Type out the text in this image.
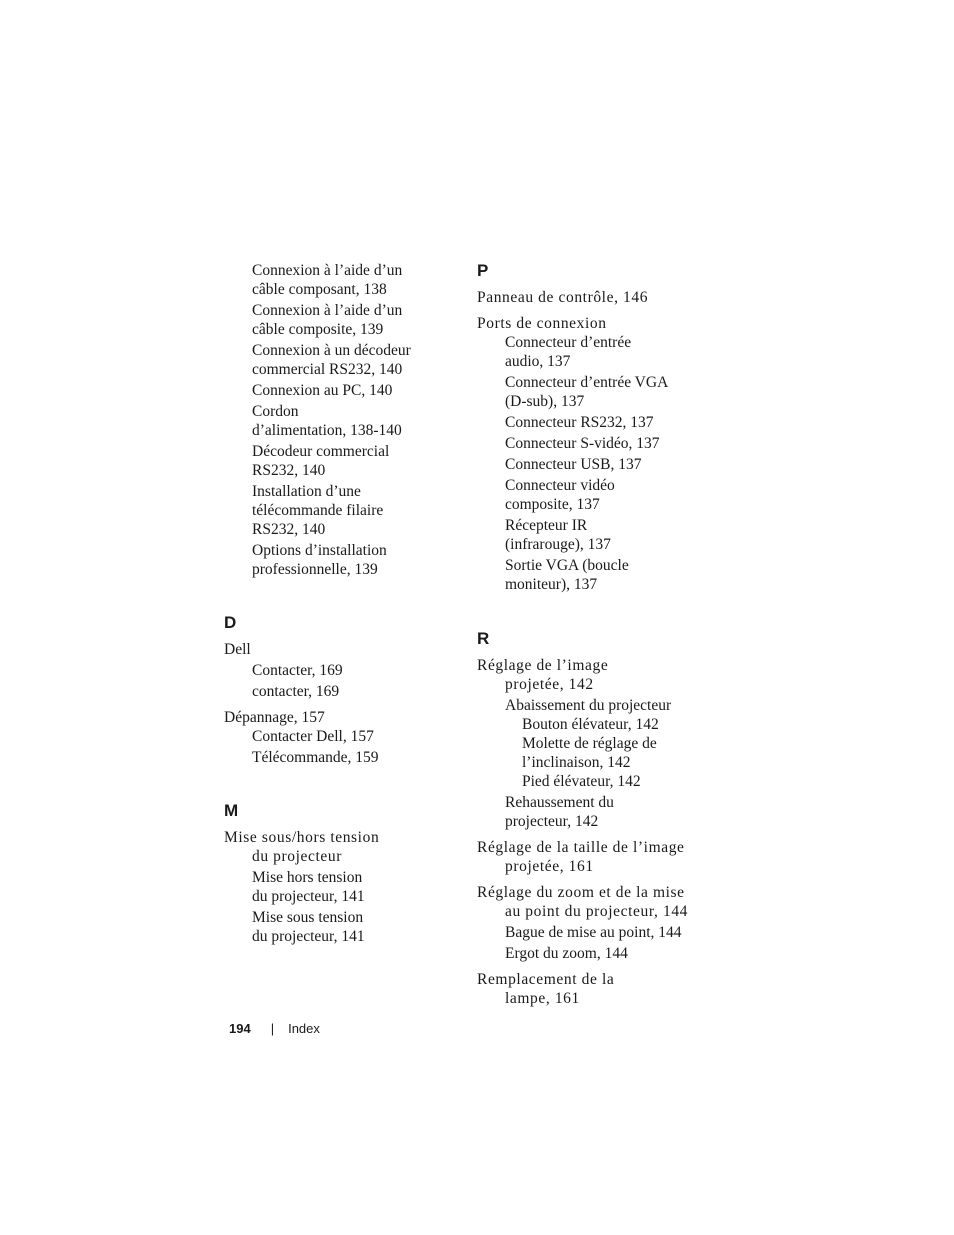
Connexion à l’aide d’un
câble composant, 138
Connexion à l’aide d’un
câble composite, 139
Connexion à un décodeur
commercial RS232, 140
Connexion au PC, 140
Cordon
d’alimentation, 138-140
Décodeur commercial
RS232, 140
Installation d’une
télécommande filaire
RS232, 140
Options d’installation
professionnelle, 139
D
Dell
Contacter, 169
contacter, 169
Dépannage, 157
Contacter Dell, 157
Télécommande, 159
M
Mise sous/hors tension
du projecteur
Mise hors tension
du projecteur, 141
Mise sous tension
du projecteur, 141
P
Panneau de contrôle, 146
Ports de connexion
Connecteur d’entrée
audio, 137
Connecteur d’entrée VGA
(D-sub), 137
Connecteur RS232, 137
Connecteur S-vidéo, 137
Connecteur USB, 137
Connecteur vidéo
composite, 137
Récepteur IR
(infrarouge), 137
Sortie VGA (boucle
moniteur), 137
R
Réglage de l’image
projetée, 142
Abaissement du projecteur
Bouton élévateur, 142
Molette de réglage de
l’inclinaison, 142
Pied élévateur, 142
Rehaussement du
projecteur, 142
Réglage de la taille de l’image
projetée, 161
Réglage du zoom et de la mise
au point du projecteur, 144
Bague de mise au point, 144
Ergot du zoom, 144
Remplacement de la
lampe, 161
194 | Index
